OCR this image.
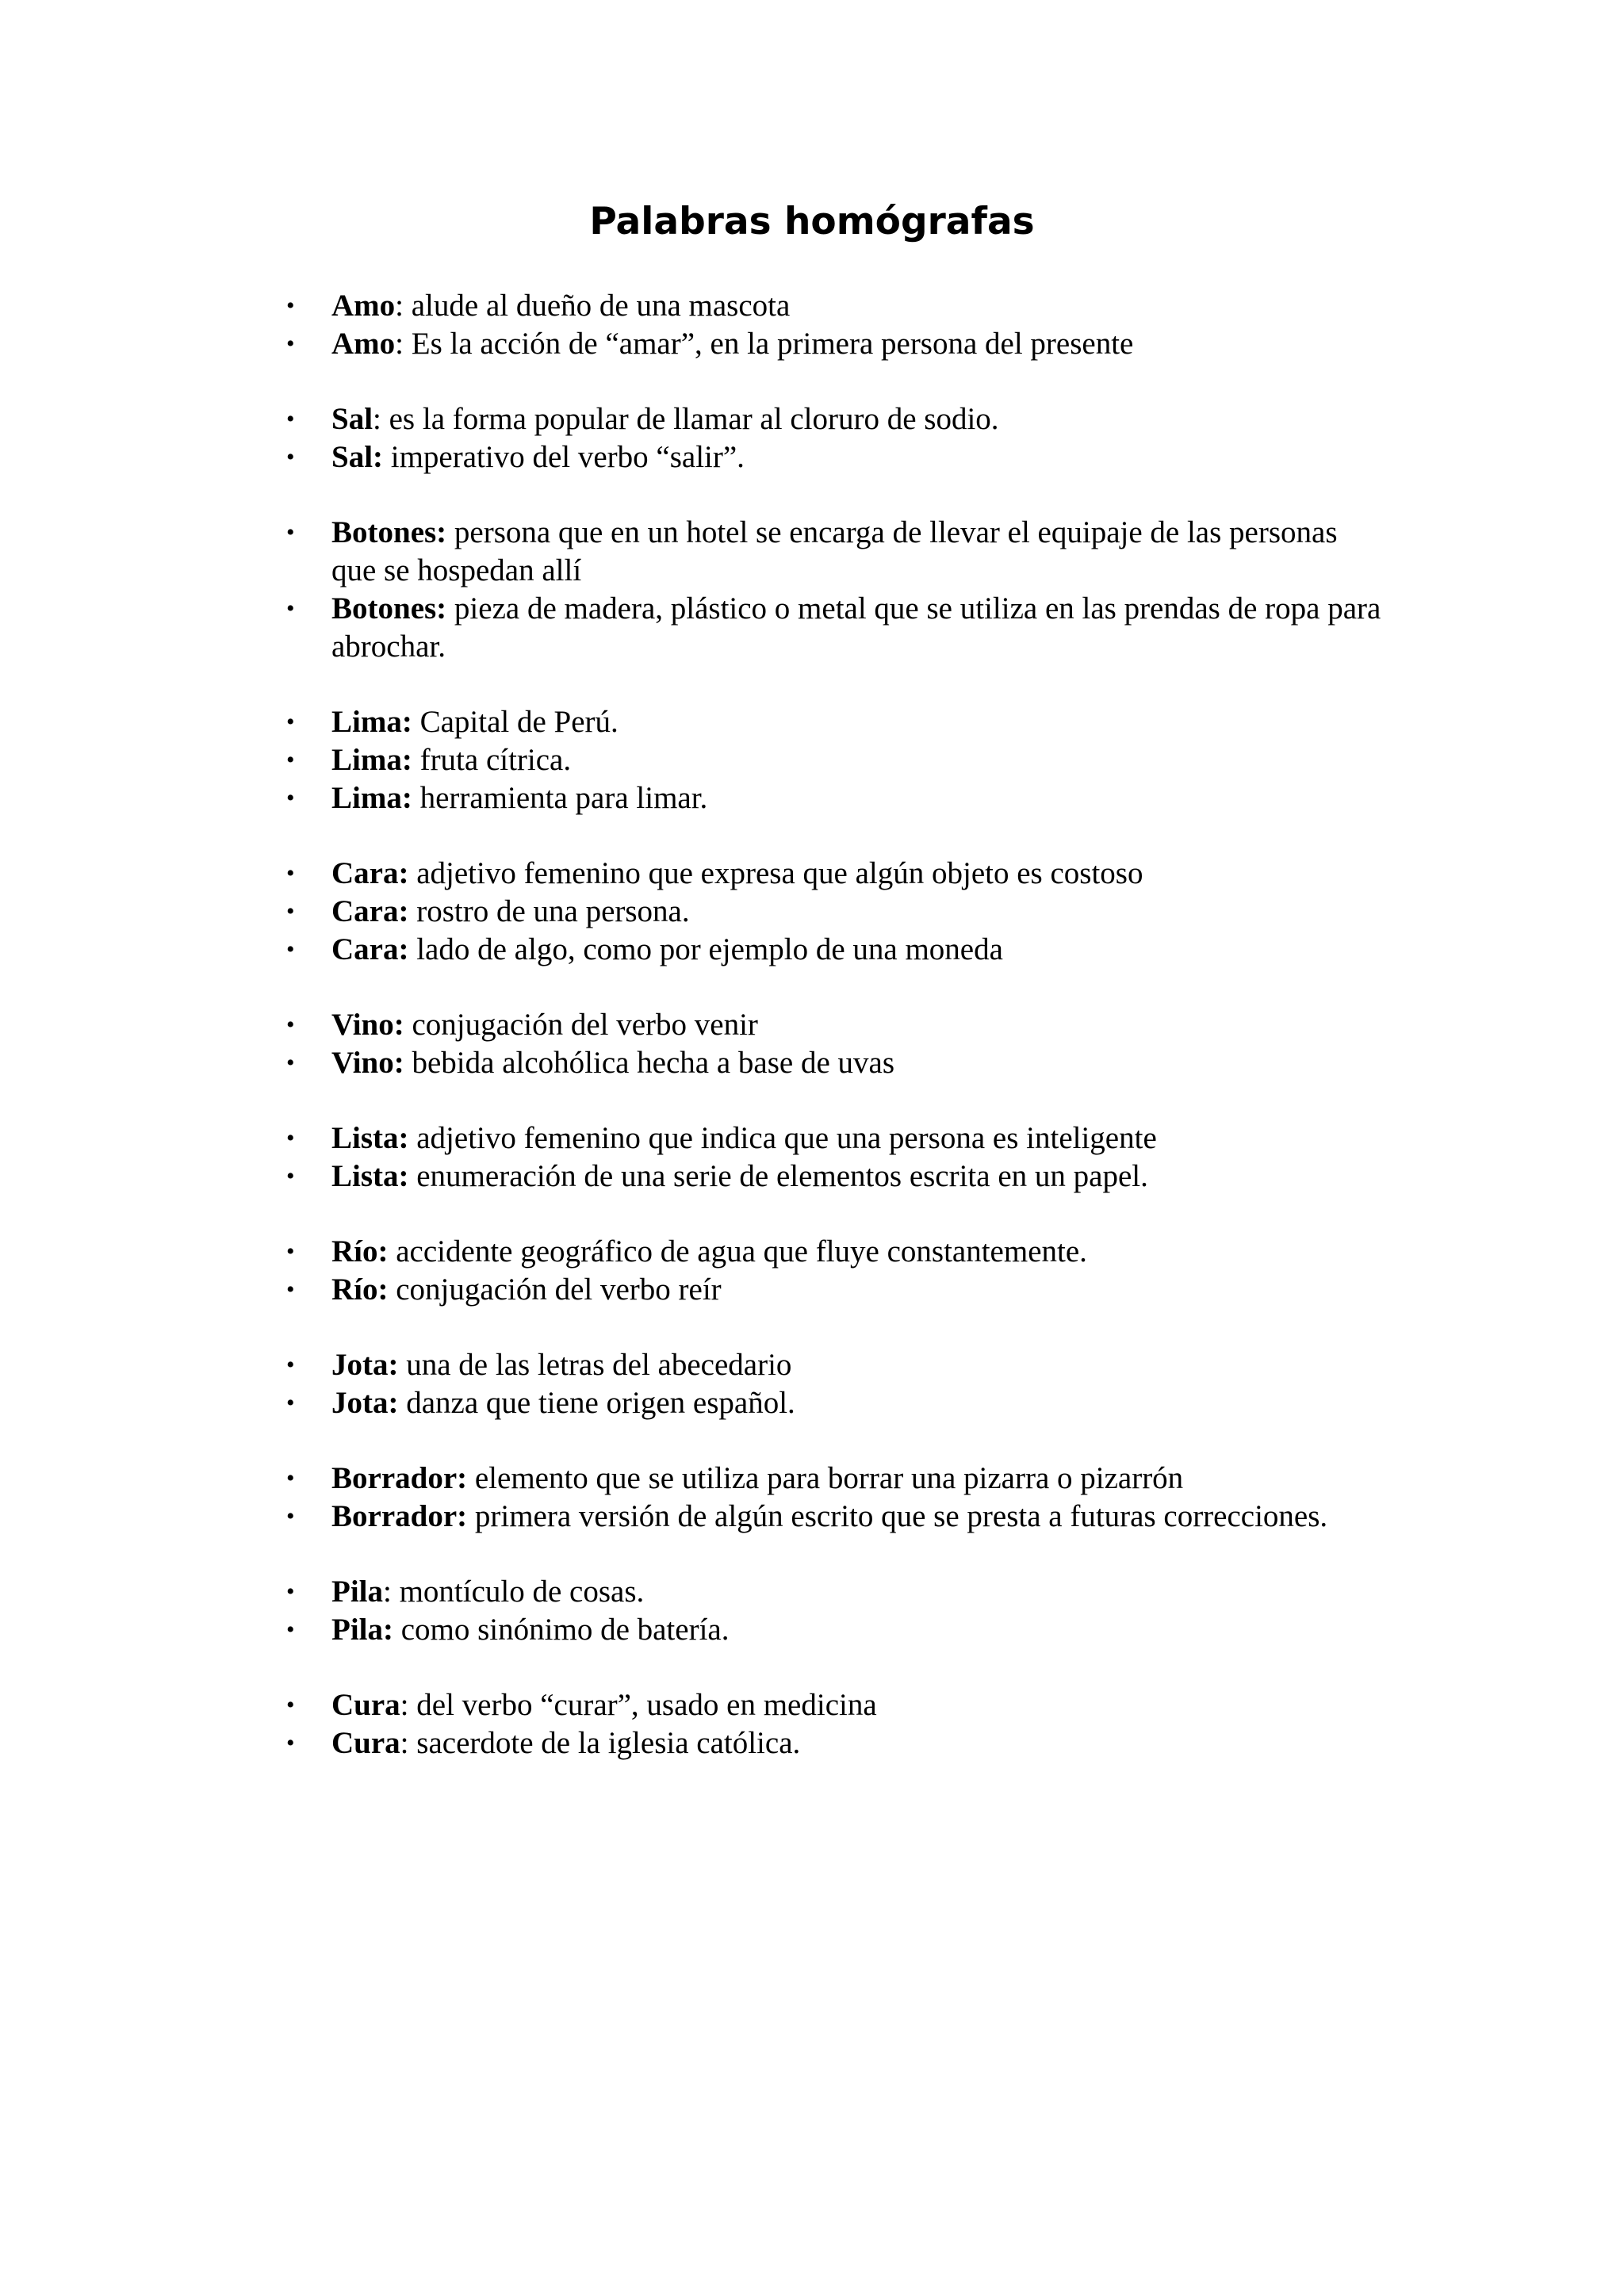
Palabras homógrafas
• Amo: alude al dueño de una mascota
• Amo: Es la acción de “amar”, en la primera persona del presente
• Sal: es la forma popular de llamar al cloruro de sodio.
• Sal: imperativo del verbo “salir”.
• Botones: persona que en un hotel se encarga de llevar el equipaje de las personas que se hospedan allí
• Botones: pieza de madera, plástico o metal que se utiliza en las prendas de ropa para abrochar.
• Lima: Capital de Perú.
• Lima: fruta cítrica.
• Lima: herramienta para limar.
• Cara: adjetivo femenino que expresa que algún objeto es costoso
• Cara: rostro de una persona.
• Cara: lado de algo, como por ejemplo de una moneda
• Vino: conjugación del verbo venir
• Vino: bebida alcohólica hecha a base de uvas
• Lista: adjetivo femenino que indica que una persona es inteligente
• Lista: enumeración de una serie de elementos escrita en un papel.
• Río: accidente geográfico de agua que fluye constantemente.
• Río: conjugación del verbo reír
• Jota: una de las letras del abecedario
• Jota: danza que tiene origen español.
• Borrador: elemento que se utiliza para borrar una pizarra o pizarrón
• Borrador: primera versión de algún escrito que se presta a futuras correcciones.
• Pila: montículo de cosas.
• Pila: como sinónimo de batería.
• Cura: del verbo “curar”, usado en medicina
• Cura: sacerdote de la iglesia católica.
